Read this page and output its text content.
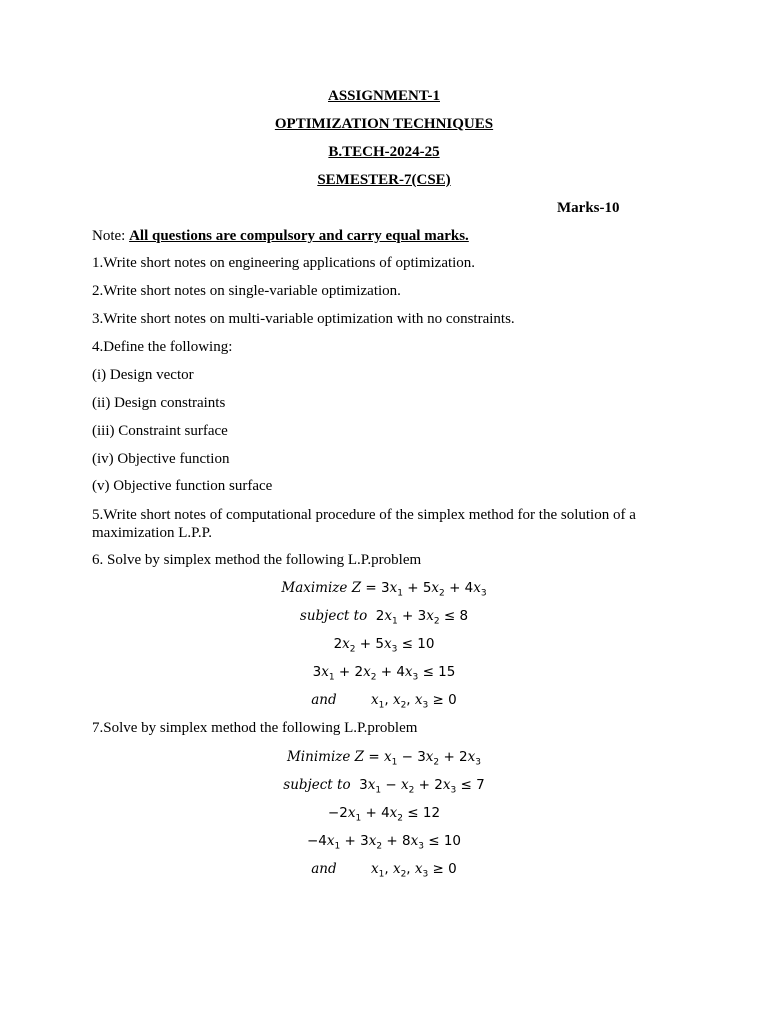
ASSIGNMENT-1
OPTIMIZATION TECHNIQUES
B.TECH-2024-25
SEMESTER-7(CSE)
Marks-10
Note: All questions are compulsory and carry equal marks.
1.Write short notes on engineering applications of optimization.
2.Write short notes on single-variable optimization.
3.Write short notes on multi-variable optimization with no constraints.
4.Define the following:
(i) Design vector
(ii) Design constraints
(iii) Constraint surface
(iv) Objective function
(v) Objective function surface
5.Write short notes of computational procedure of the simplex method for the solution of a maximization L.P.P.
6. Solve by simplex method the following L.P.problem
Maximize $Z = 3x_1 + 5x_2 + 4x_3$
subject to  $2x_1 + 3x_2 \le 8$
$2x_2 + 5x_3 \le 10$
$3x_1 + 2x_2 + 4x_3 \le 15$
and	$x_1$, $x_2$, $x_3 \ge 0$
7.Solve by simplex method the following L.P.problem
Minimize $Z = x_1 - 3x_2 + 2x_3$
subject to  $3x_1 - x_2 + 2x_3 \le 7$
$-2x_1 + 4x_2 \le 12$
$-4x_1 + 3x_2 + 8x_3 \le 10$
and	$x_1$, $x_2$, $x_3 \ge 0$
